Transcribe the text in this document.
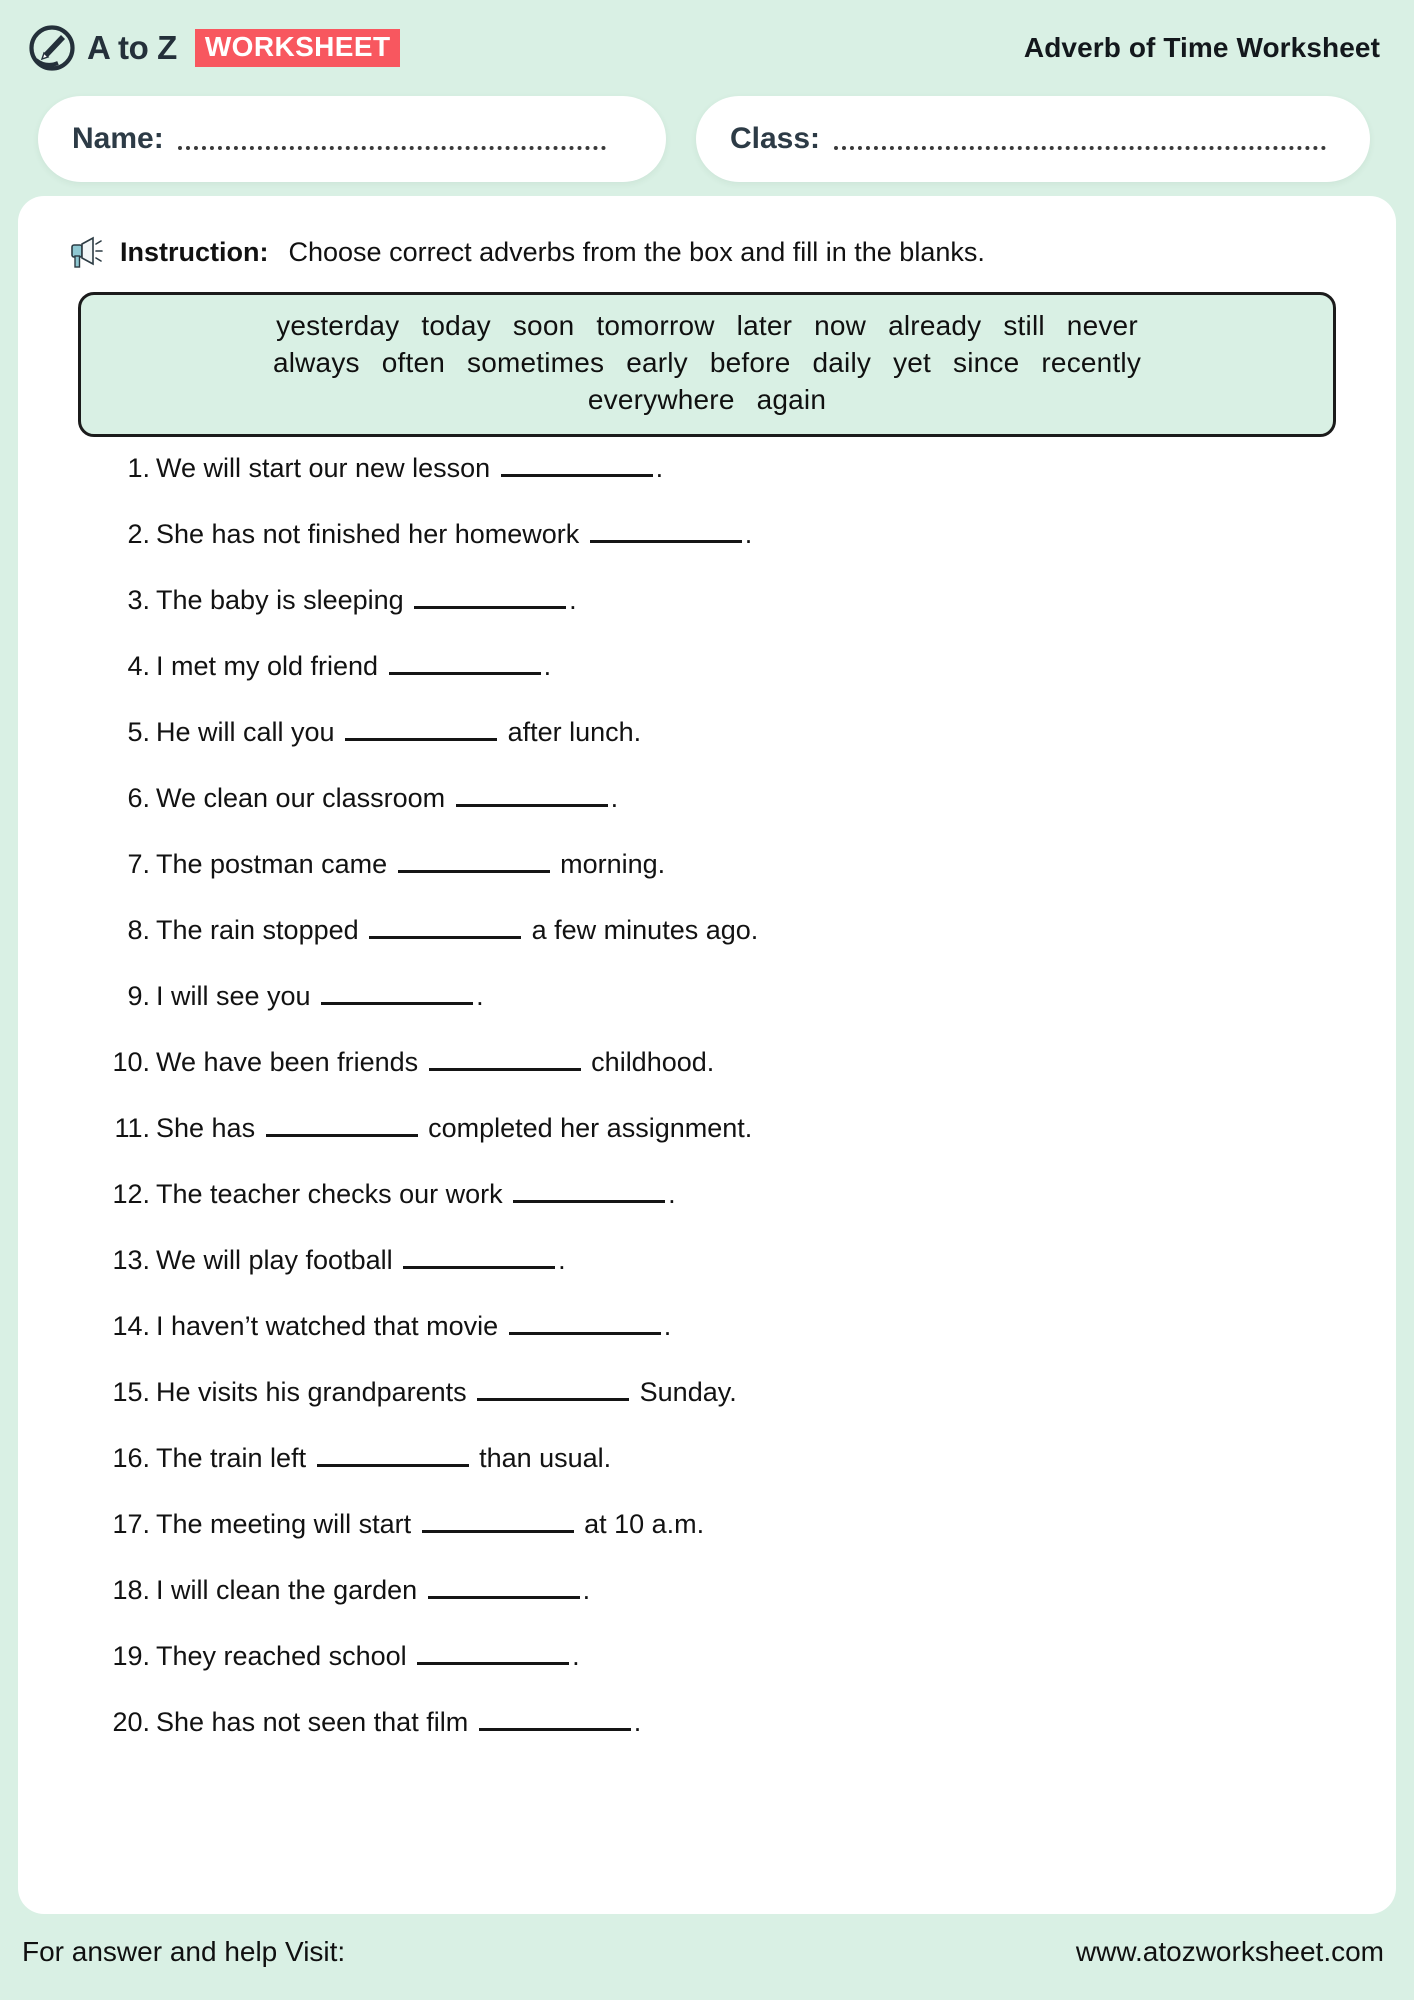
A to Z	WORKSHEET	Adverb of Time Worksheet
Name:	Class:
Instruction: Choose correct adverbs from the box and fill in the blanks.
yesterday today soon tomorrow later now already still never
always often sometimes early before daily yet since recently
everywhere again
1. We will start our new lesson	.
2. She has not finished her homework	.
3. The baby is sleeping	.
4. I met my old friend	.
5. He will call you	after lunch.
6. We clean our classroom	.
7. The postman came	morning.
8. The rain stopped	a few minutes ago.
9. I will see you	.
10. We have been friends	childhood.
11. She has	completed her assignment.
12. The teacher checks our work	.
13. We will play football	.
14. I haven’t watched that movie	.
15. He visits his grandparents	Sunday.
16. The train left	than usual.
17. The meeting will start	at 10 a.m.
18. I will clean the garden	.
19. They reached school	.
20. She has not seen that film	.
For answer and help Visit:	www.atozworksheet.com
